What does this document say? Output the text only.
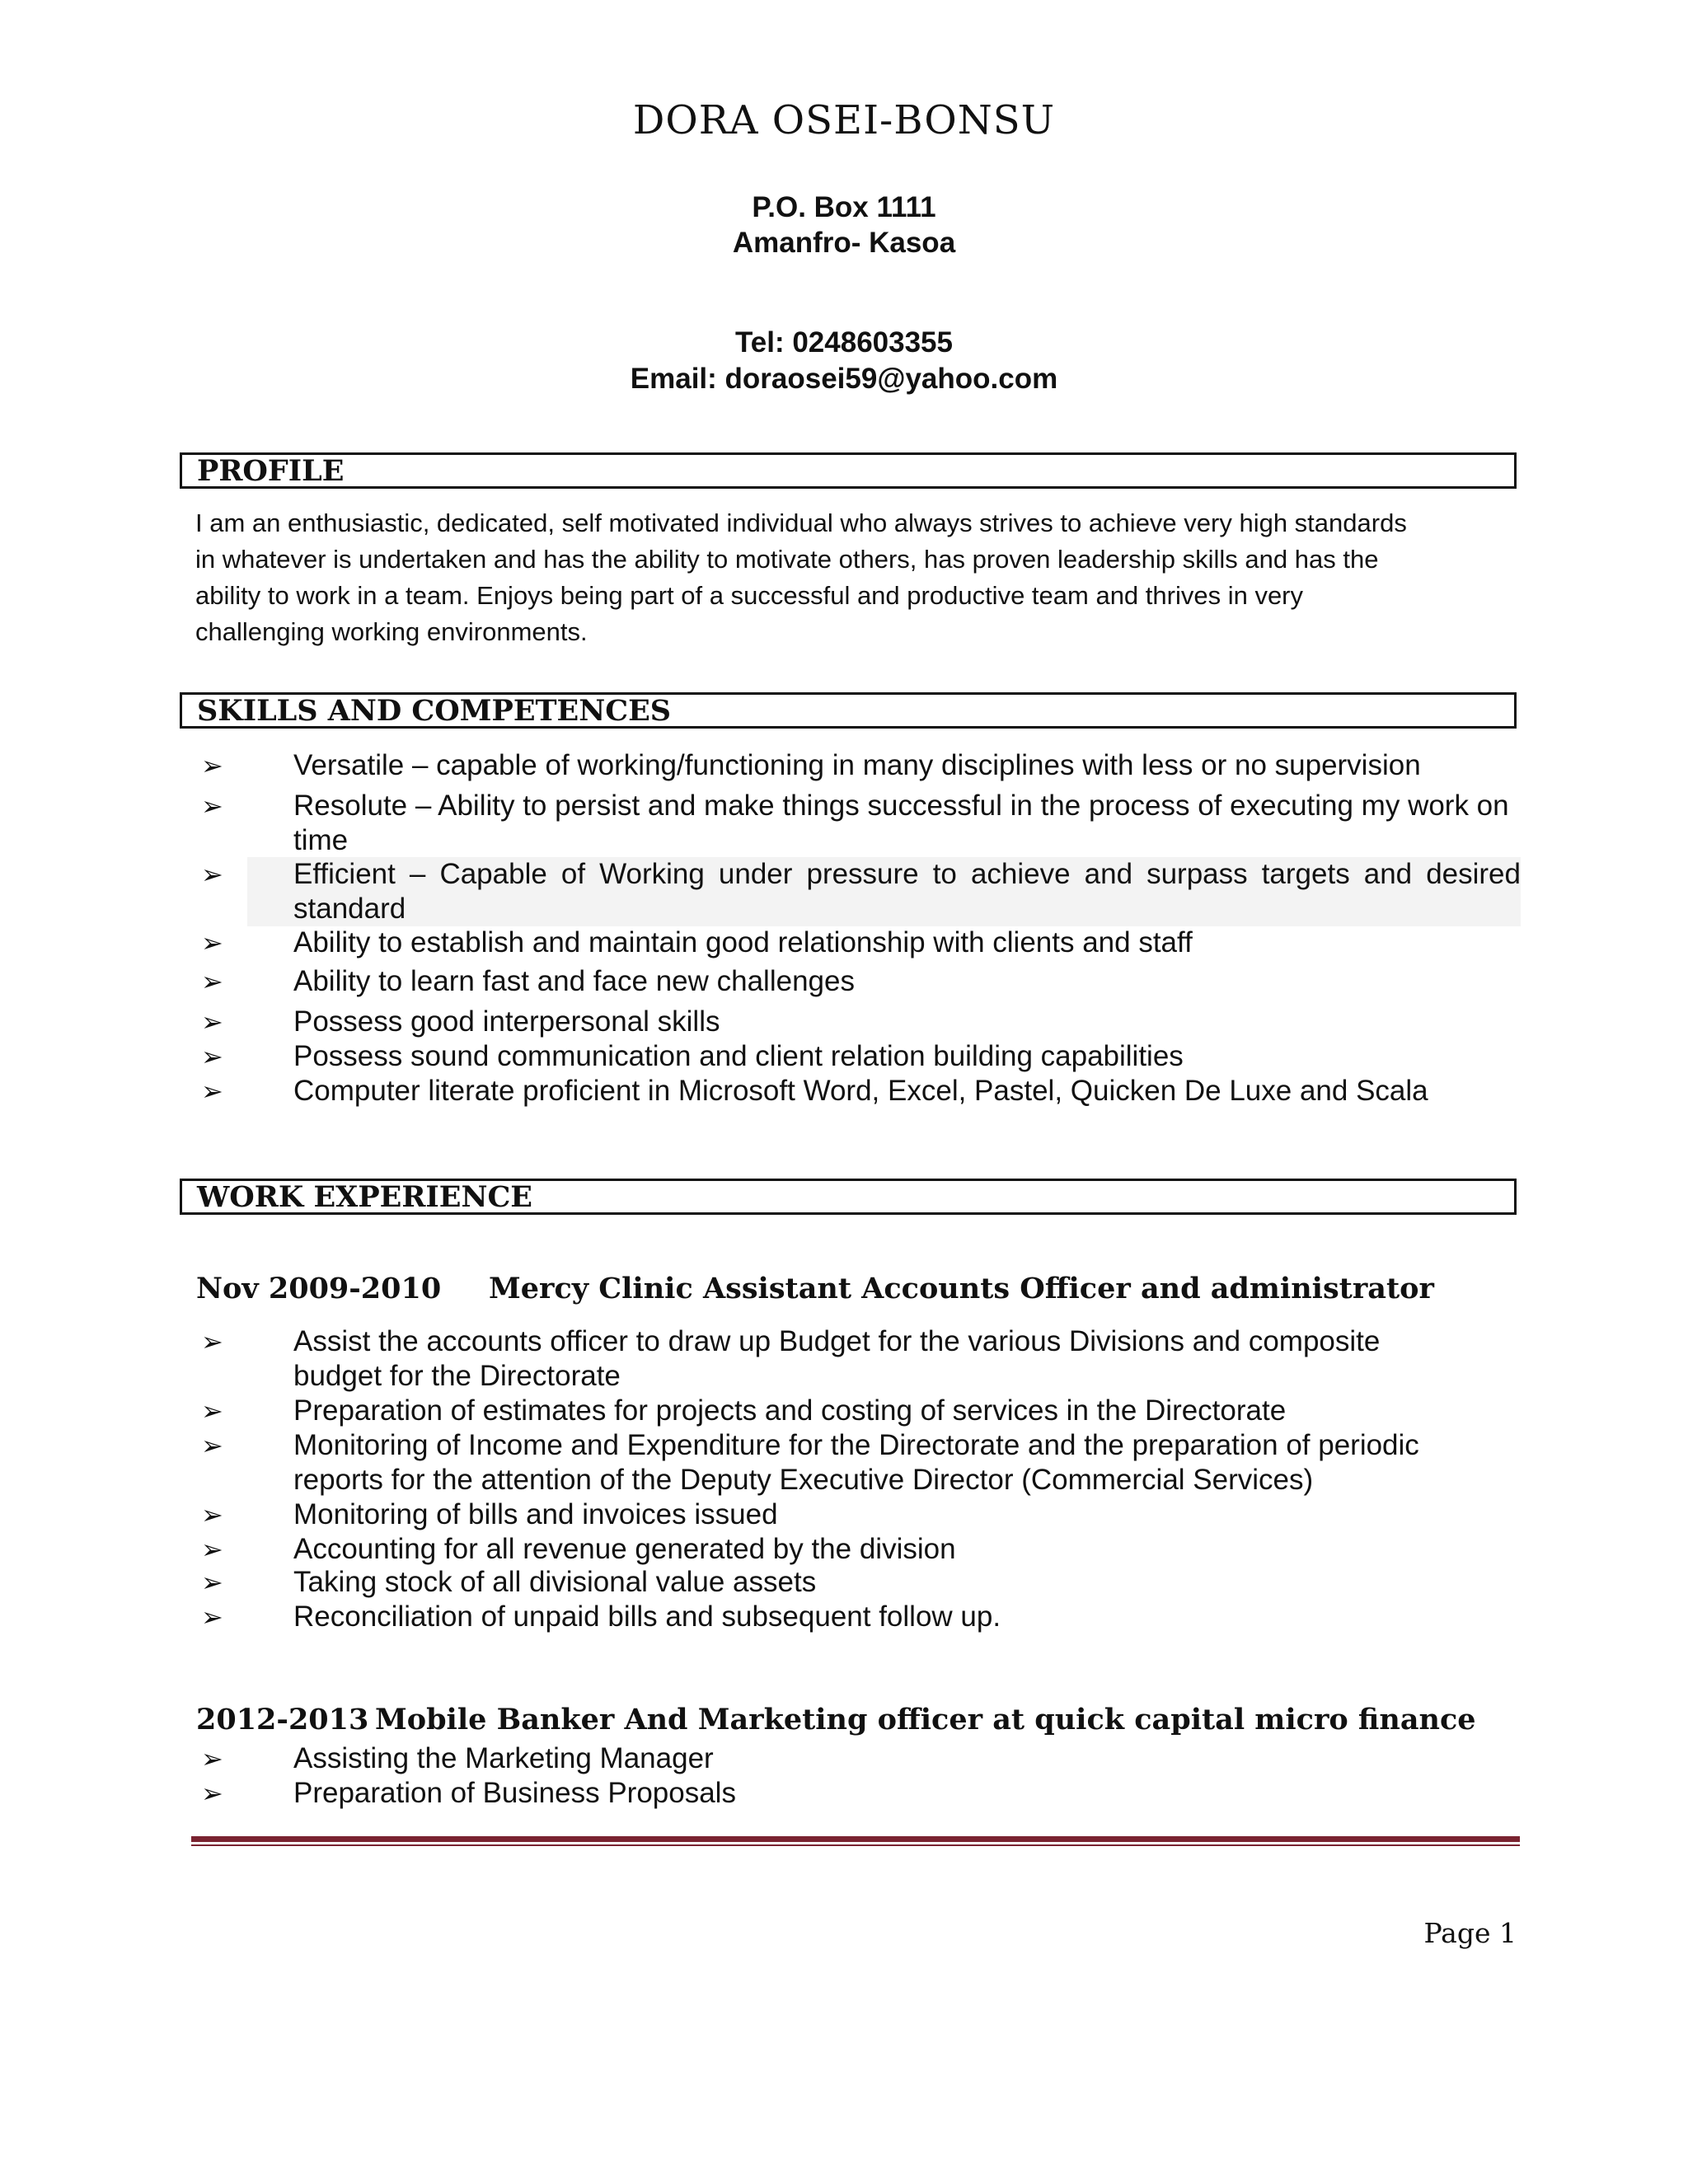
DORA OSEI-BONSU
P.O. Box 1111
Amanfro- Kasoa
Tel: 0248603355
Email: doraosei59@yahoo.com
PROFILE
I am an enthusiastic, dedicated, self motivated individual who always strives to achieve very high standards
in whatever is undertaken and has the ability to motivate others, has proven leadership skills and has the
ability to work in a team. Enjoys being part of a successful and productive team and thrives in very
challenging working environments.
SKILLS AND COMPETENCES
➢	Versatile – capable of working/functioning in many disciplines with less or no supervision
➢	Resolute – Ability to persist and make things successful in the process of executing my work on time
➢	Efficient – Capable of Working under pressure to achieve and surpass targets and desired standard
➢	Ability to establish and maintain good relationship with clients and staff
➢	Ability to learn fast and face new challenges
➢	Possess good interpersonal skills
➢	Possess sound communication and client relation building capabilities
➢	Computer literate proficient in Microsoft Word, Excel, Pastel, Quicken De Luxe and Scala
WORK EXPERIENCE
Nov 2009-2010 Mercy Clinic Assistant Accounts Officer and administrator
➢	Assist the accounts officer to draw up Budget for the various Divisions and composite budget for the Directorate
➢	Preparation of estimates for projects and costing of services in the Directorate
➢	Monitoring of Income and Expenditure for the Directorate and the preparation of periodic reports for the attention of the Deputy Executive Director (Commercial Services)
➢	Monitoring of bills and invoices issued
➢	Accounting for all revenue generated by the division
➢	Taking stock of all divisional value assets
➢	Reconciliation of unpaid bills and subsequent follow up.
2012-2013 Mobile Banker And Marketing officer at quick capital micro finance
➢	Assisting the Marketing Manager
➢	Preparation of Business Proposals
Page 1
